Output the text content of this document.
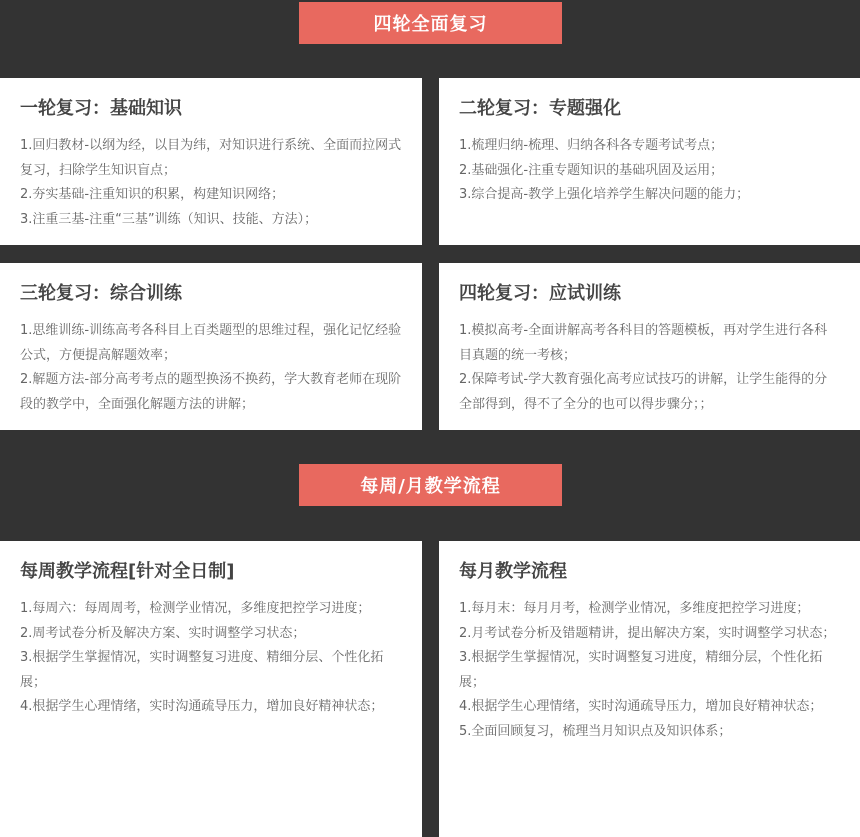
四轮全面复习
一轮复习：基础知识
1.回归教材-以纲为经，以目为纬，对知识进行系统、全面而拉网式复习，扫除学生知识盲点；
2.夯实基础-注重知识的积累，构建知识网络；
3.注重三基-注重“三基”训练（知识、技能、方法）；
二轮复习：专题强化
1.梳理归纳-梳理、归纳各科各专题考试考点；
2.基础强化-注重专题知识的基础巩固及运用；
3.综合提高-教学上强化培养学生解决问题的能力；
三轮复习：综合训练
1.思维训练-训练高考各科目上百类题型的思维过程，强化记忆经验公式，方便提高解题效率；
2.解题方法-部分高考考点的题型换汤不换药，学大教育老师在现阶段的教学中，全面强化解题方法的讲解；
四轮复习：应试训练
1.模拟高考-全面讲解高考各科目的答题模板，再对学生进行各科目真题的统一考核；
2.保障考试-学大教育强化高考应试技巧的讲解，让学生能得的分全部得到，得不了全分的也可以得步骤分；；
每周/月教学流程
每周教学流程[针对全日制]
1.每周六：每周周考，检测学业情况，多维度把控学习进度；
2.周考试卷分析及解决方案、实时调整学习状态；
3.根据学生掌握情况，实时调整复习进度、精细分层、个性化拓展；
4.根据学生心理情绪，实时沟通疏导压力，增加良好精神状态；
每月教学流程
1.每月末：每月月考，检测学业情况，多维度把控学习进度；
2.月考试卷分析及错题精讲，提出解决方案，实时调整学习状态；
3.根据学生掌握情况，实时调整复习进度，精细分层，个性化拓展；
4.根据学生心理情绪，实时沟通疏导压力，增加良好精神状态；
5.全面回顾复习，梳理当月知识点及知识体系；
